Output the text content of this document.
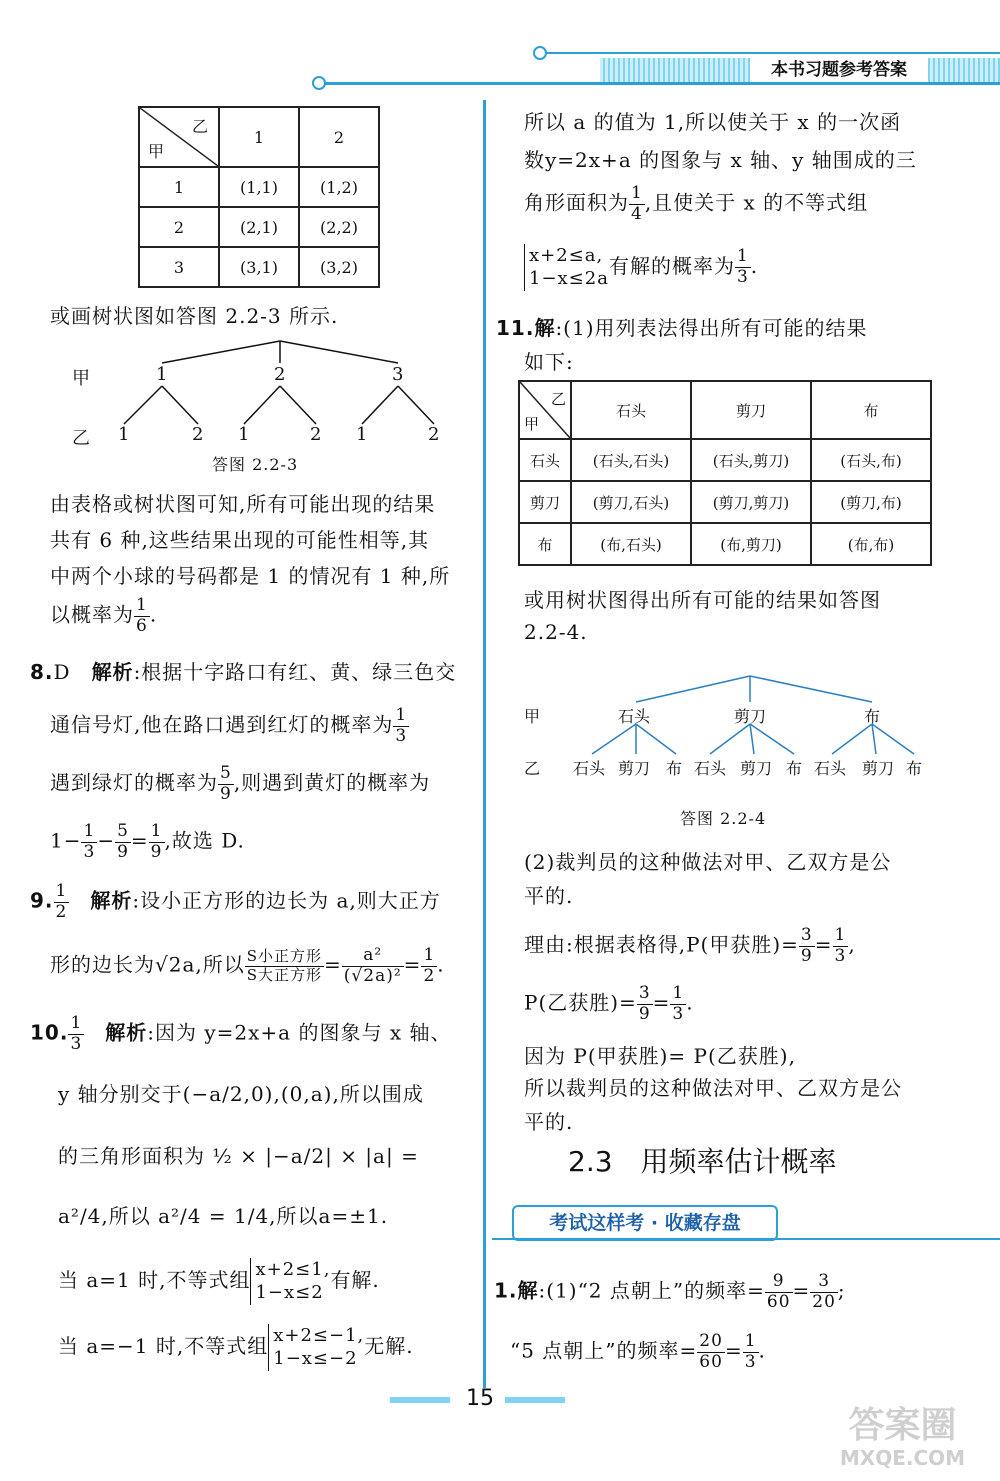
本书习题参考答案
乙
甲	1	2
1	(1,1)	(1,2)
2	(2,1)	(2,2)
3	(3,1)	(3,2)
或画树状图如答图 2.2-3 所示.
甲	1	2	3
乙 1	2 1	2 1	2
答图 2.2-3
由表格或树状图可知,所有可能出现的结果
共有 6 种,这些结果出现的可能性相等,其
中两个小球的号码都是 1 的情况有 1 种,所
以概率为 $\frac{1}{6}$ .
8.D　 解析:根据十字路口有红、黄、绿三色交
通信号灯,他在路口遇到红灯的概率为 $\frac{1}{3}$
遇到绿灯的概率为 $\frac{5}{9}$ ,则遇到黄灯的概率为
$1- \frac{1}{3} - \frac{5}{9} = \frac{1}{9}$ ,故选 D.
9. $\frac{1}{2}$
　 解析:设小正方形的边长为 a,则大正方
形的边长为√2a,所以 $\frac{\text{S小正方形}}{\text{S大正方形}} = \frac{\text{a²}}{\text{(√2a)²}} = \frac{1}{2}$ .
10. $\frac{1}{3}$
　 解析:因为 y=2x+a 的图象与 x 轴、
y 轴分别交于(−a/2,0),(0,a),所以围成
的三角形面积为 ½ × |−a/2| × |a| =
a²/4,所以 a²/4 = 1/4,所以a=±1.
当 a=1 时,不等式组 x+2≤1,
1−x≤2
有解.
当 a=−1 时,不等式组 x+2≤−1,
1−x≤−2
无解.
所以 a 的值为 1,所以使关于 x 的一次函
数y=2x+a 的图象与 x 轴、y 轴围成的三
角形面积为 $\frac{1}{4}$ ,且使关于 x 的不等式组
x+2≤a,
1−x≤2a
有解的概率为 $\frac{1}{3}$ .
11.解:(1)用列表法得出所有可能的结果
如下:
乙
甲	石头	剪刀	布
石头	(石头,石头)	(石头,剪刀)	(石头,布)
剪刀	(剪刀,石头)	(剪刀,剪刀)	(剪刀,布)
布	(布,石头)	(布,剪刀)	(布,布)
或用树状图得出所有可能的结果如答图
2.2-4.
甲	石头	剪刀	布
乙 石头 剪刀 布 石头 剪刀 布 石头 剪刀 布
答图 2.2-4
(2)裁判员的这种做法对甲、乙双方是公
平的.
理由:根据表格得,P(甲获胜)= $\frac{3}{9} = \frac{1}{3}$ ,
P(乙获胜)= $\frac{3}{9} = \frac{1}{3}$ .
因为 P(甲获胜)= P(乙获胜),
所以裁判员的这种做法对甲、乙双方是公
平的.
2.3　用频率估计概率
考试这样考 · 收藏存盘
1.解:(1)“2 点朝上”的频率= $\frac{9}{60} = \frac{3}{20}$ ;
“5 点朝上”的频率= $\frac{20}{60} = \frac{1}{3}$ .
15
答案圈
MXQE.COM
